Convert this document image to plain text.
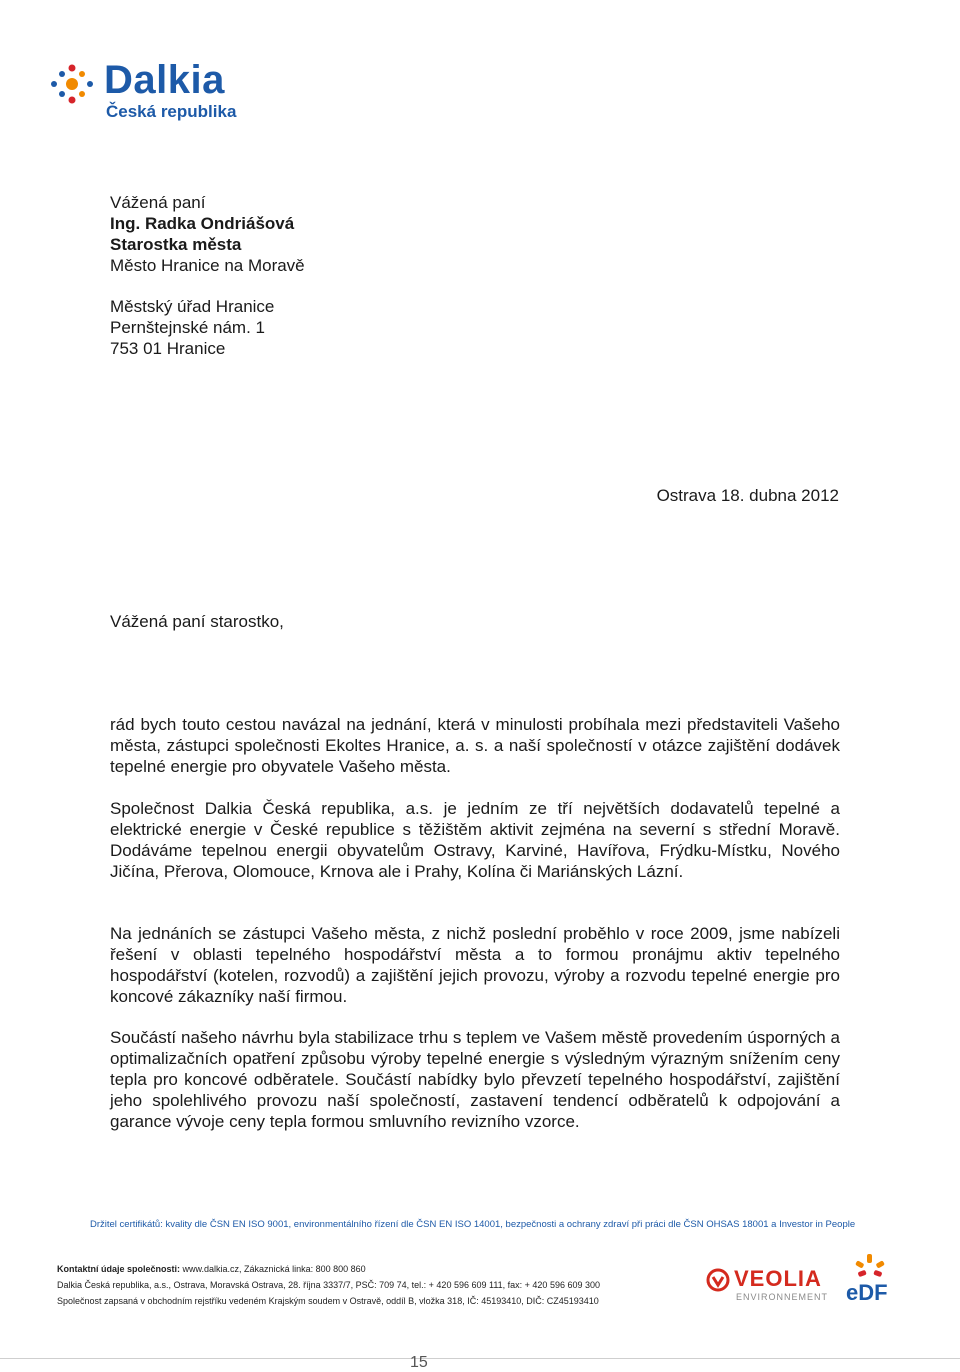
Dalkia
Česká republika
Vážená paní
Ing. Radka Ondriášová
Starostka města
Město Hranice na Moravě
Městský úřad Hranice
Pernštejnské nám. 1
753 01 Hranice
Ostrava 18. dubna 2012
Vážená paní starostko,
rád bych touto cestou navázal na jednání, která v minulosti probíhala mezi představiteli Vašeho města, zástupci společnosti Ekoltes Hranice, a. s. a naší společností v otázce zajištění dodávek tepelné energie pro obyvatele Vašeho města.
Společnost Dalkia Česká republika, a.s. je jedním ze tří největších dodavatelů tepelné a elektrické energie v České republice s těžištěm aktivit zejména na severní s střední Moravě. Dodáváme tepelnou energii obyvatelům Ostravy, Karviné, Havířova, Frýdku-Místku, Nového Jičína, Přerova, Olomouce, Krnova ale i Prahy, Kolína či Mariánských Lázní.
Na jednáních se zástupci Vašeho města, z nichž poslední proběhlo v roce 2009, jsme nabízeli řešení v oblasti tepelného hospodářství města a to formou pronájmu aktiv tepelného hospodářství (kotelen, rozvodů) a zajištění jejich provozu, výroby a rozvodu tepelné energie pro koncové zákazníky naší firmou.
Součástí našeho návrhu byla stabilizace trhu s teplem ve Vašem městě provedením úsporných a optimalizačních opatření způsobu výroby tepelné energie s výsledným výrazným snížením ceny tepla pro koncové odběratele. Součástí nabídky bylo převzetí tepelného hospodářství, zajištění jeho spolehlivého provozu naší společností, zastavení tendencí odběratelů k odpojování a garance vývoje ceny tepla formou smluvního revizního vzorce.
Držitel certifikátů: kvality dle ČSN EN ISO 9001, environmentálního řízení dle ČSN EN ISO 14001, bezpečnosti a ochrany zdraví při práci dle ČSN OHSAS 18001 a Investor in People
Kontaktní údaje společnosti: www.dalkia.cz, Zákaznická linka: 800 800 860
Dalkia Česká republika, a.s., Ostrava, Moravská Ostrava, 28. října 3337/7, PSČ: 709 74, tel.: + 420 596 609 111, fax: + 420 596 609 300
Společnost zapsaná v obchodním rejstříku vedeném Krajským soudem v Ostravě, oddíl B, vložka 318, IČ: 45193410, DIČ: CZ45193410
VEOLIA
ENVIRONNEMENT eDF
15
